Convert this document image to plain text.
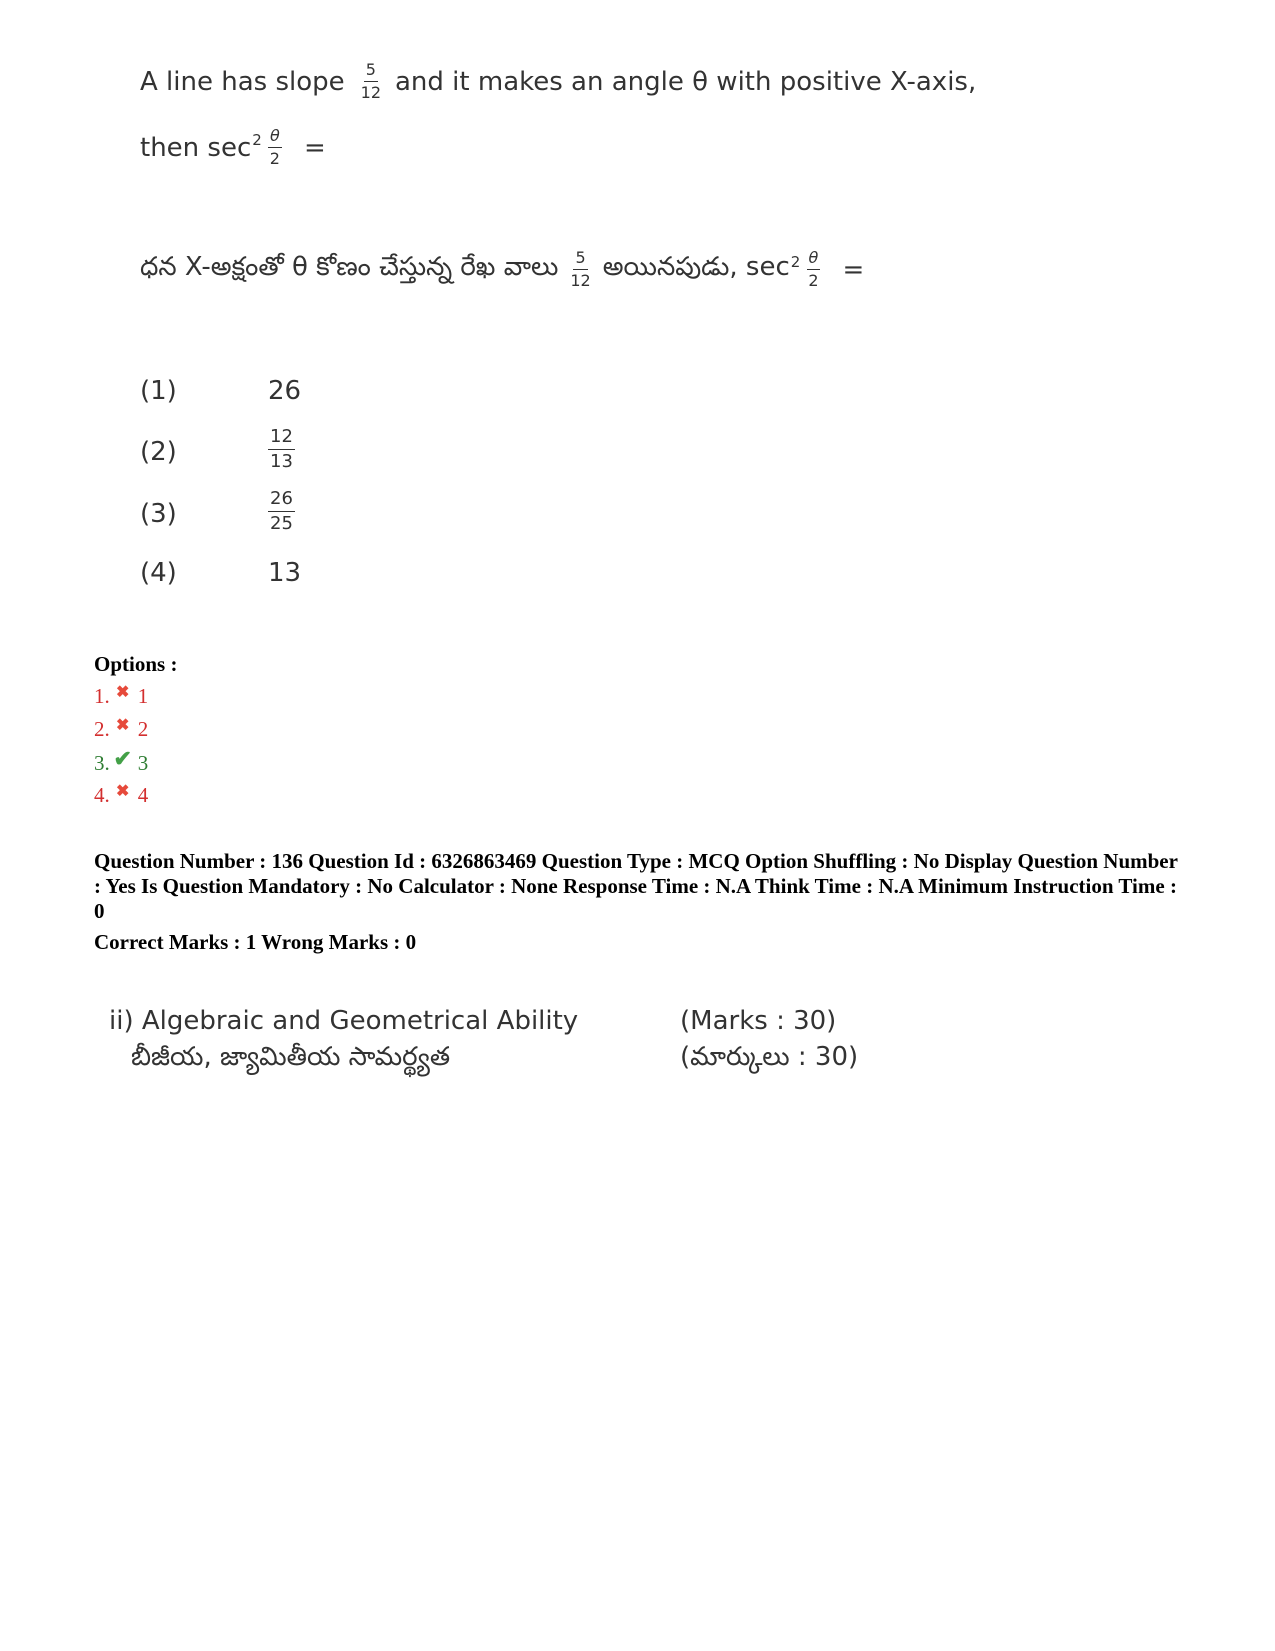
A line has slope $\frac{5}{12}$ and it makes an angle θ with positive X-axis,
then $\sec^2 \frac{\theta}{2}$ =
ధన X-అక్షంతో θ కోణం చేస్తున్న రేఖ వాలు $\frac{5}{12}$ అయినపుడు, $\sec^2 \frac{\theta}{2}$ =
(1)	26
(2)	$\frac{12}{13}$
(3)	$\frac{26}{25}$
(4)	13
Options :
1. ✖ 1
2. ✖ 2
3. ✔ 3
4. ✖ 4
Question Number : 136 Question Id : 6326863469 Question Type : MCQ Option Shuffling : No Display Question Number : Yes Is Question Mandatory : No Calculator : None Response Time : N.A Think Time : N.A Minimum Instruction Time : 0
Correct Marks : 1 Wrong Marks : 0
ii) Algebraic and Geometrical Ability
బీజీయ, జ్యామితీయ సామర్థ్యత
(Marks : 30)
(మార్కులు : 30)
